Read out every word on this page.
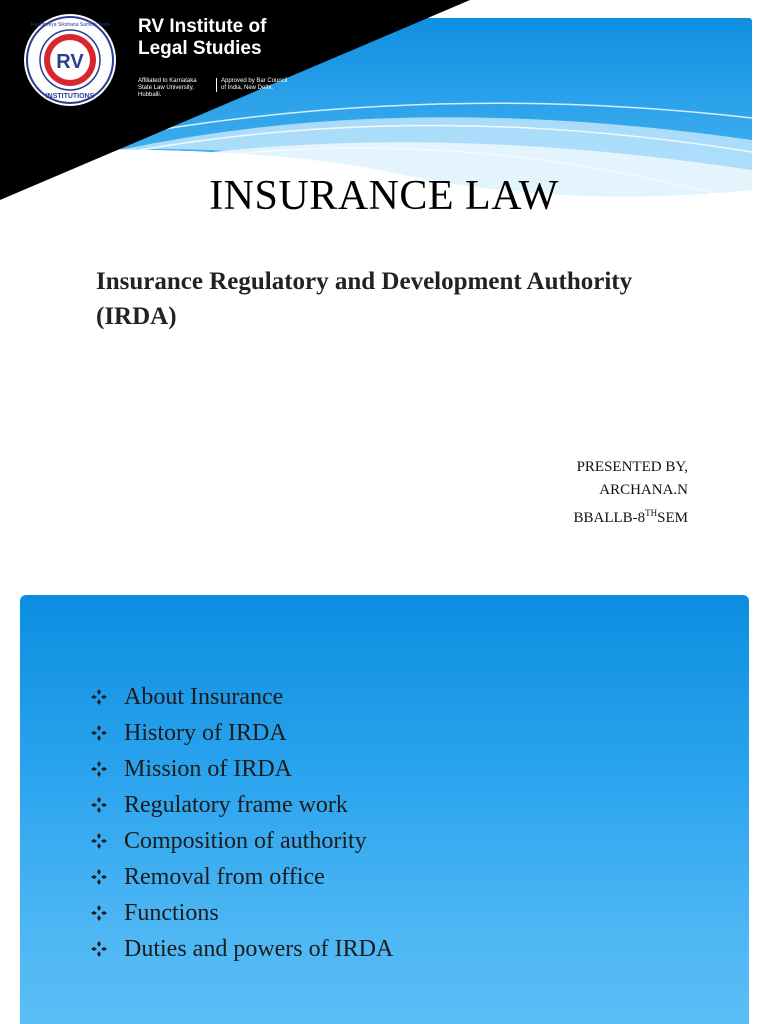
RV
INSTITUTIONS
Rashtreeya Sikshana Samithi Trust RV Institute of
Legal Studies
Affiliated to Karnataka State Law University, Hubballi.
Approved by Bar Council of India, New Delhi.
INSURANCE LAW
Insurance Regulatory and Development Authority (IRDA)
PRESENTED BY,
ARCHANA.N
BBALLB-8THSEM
About Insurance
History of IRDA
Mission of IRDA
Regulatory frame work
Composition of authority
Removal from office
Functions
Duties and powers of IRDA
